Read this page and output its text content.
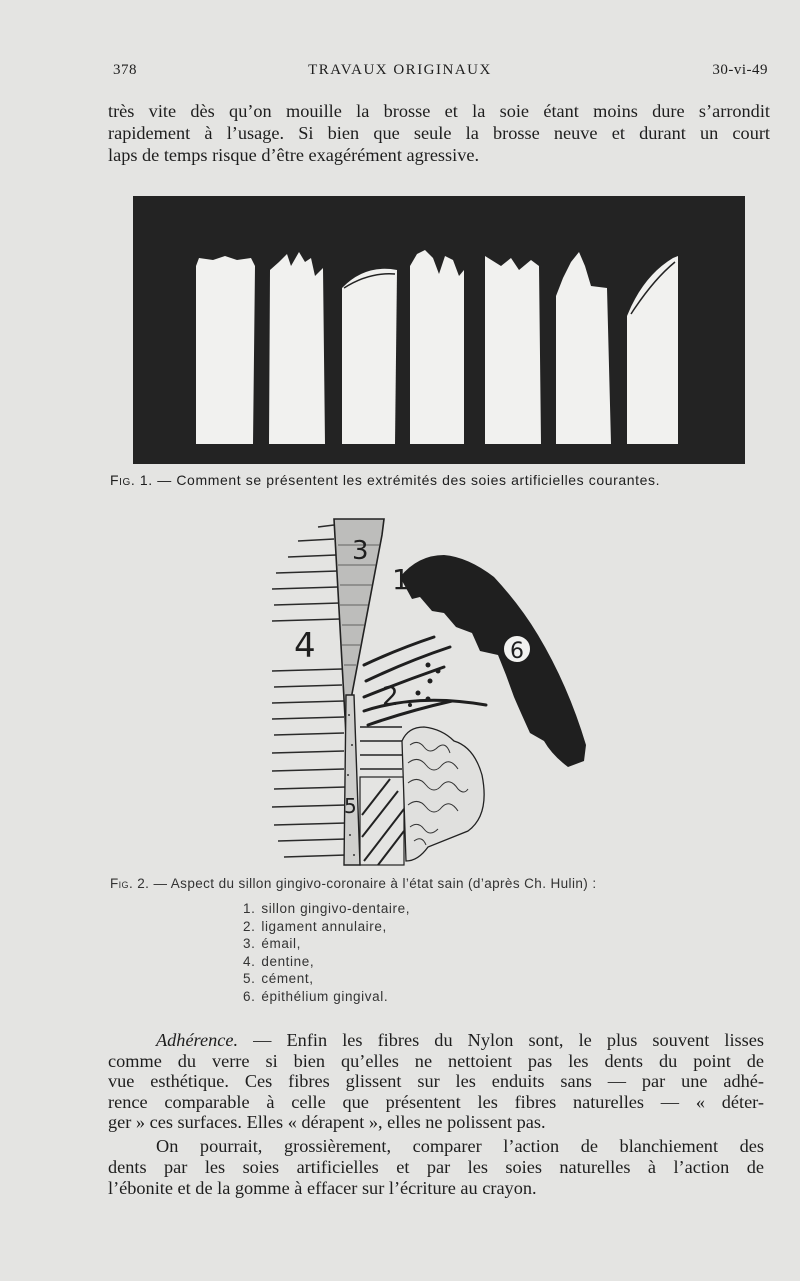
TRAVAUX ORIGINAUX
378	30-vi-49
très vite dès qu’on mouille la brosse et la soie étant moins dure s’arrondit
rapidement à l’usage. Si bien que seule la brosse neuve et durant un court
laps de temps risque d’être exagérément agressive.
Fig. 1. — Comment se présentent les extrémités des soies artificielles courantes.
1
2
3
4
5
6
Fig. 2. — Aspect du sillon gingivo-coronaire à l’état sain (d’après Ch. Hulin) :
1. sillon gingivo-dentaire,
2. ligament annulaire,
3. émail,
4. dentine,
5. cément,
6. épithélium gingival.
Adhérence. — Enfin les fibres du Nylon sont, le plus souvent lisses
comme du verre si bien qu’elles ne nettoient pas les dents du point de
vue esthétique. Ces fibres glissent sur les enduits sans — par une adhé-
rence comparable à celle que présentent les fibres naturelles — « déter-
ger » ces surfaces. Elles « dérapent », elles ne polissent pas.
On pourrait, grossièrement, comparer l’action de blanchiement des
dents par les soies artificielles et par les soies naturelles à l’action de
l’ébonite et de la gomme à effacer sur l’écriture au crayon.
